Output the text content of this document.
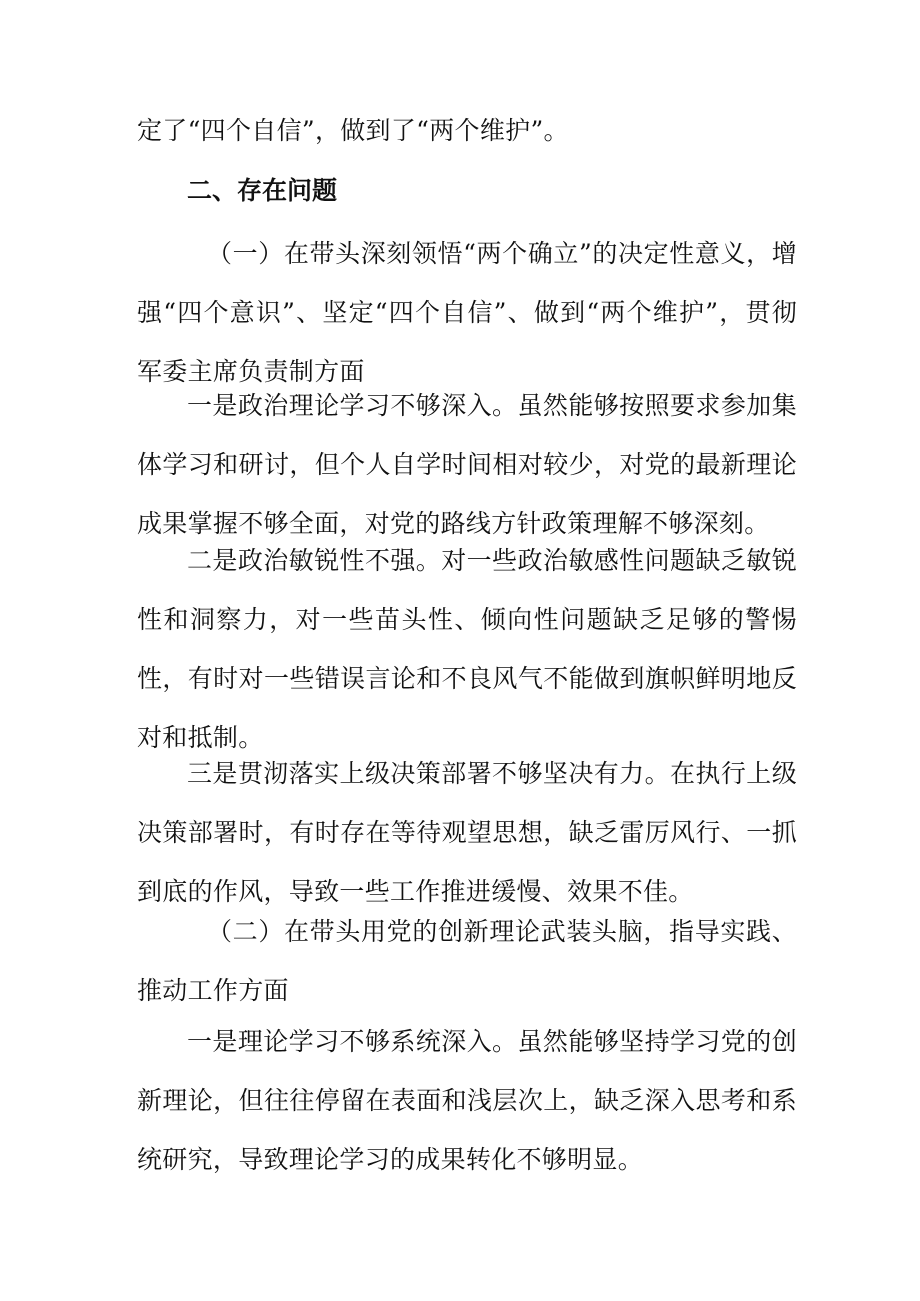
定了“四个自信”，做到了“两个维护”。

二、存在问题

（一）在带头深刻领悟“两个确立”的决定性意义，增强“四个意识”、坚定“四个自信”、做到“两个维护”，贯彻军委主席负责制方面

一是政治理论学习不够深入。虽然能够按照要求参加集体学习和研讨，但个人自学时间相对较少，对党的最新理论成果掌握不够全面，对党的路线方针政策理解不够深刻。

二是政治敏锐性不强。对一些政治敏感性问题缺乏敏锐性和洞察力，对一些苗头性、倾向性问题缺乏足够的警惕性，有时对一些错误言论和不良风气不能做到旗帜鲜明地反对和抵制。

三是贯沏落实上级决策部署不够坚决有力。在执行上级决策部署时，有时存在等待观望思想，缺乏雷厉风行、一抓到底的作风，导致一些工作推进缓慢、效果不佳。

（二）在带头用党的创新理论武装头脑，指导实践、推动工作方面

一是理论学习不够系统深入。虽然能够坚持学习党的创新理论，但往往停留在表面和浅层次上，缺乏深入思考和系统研究，导致理论学习的成果转化不够明显。
